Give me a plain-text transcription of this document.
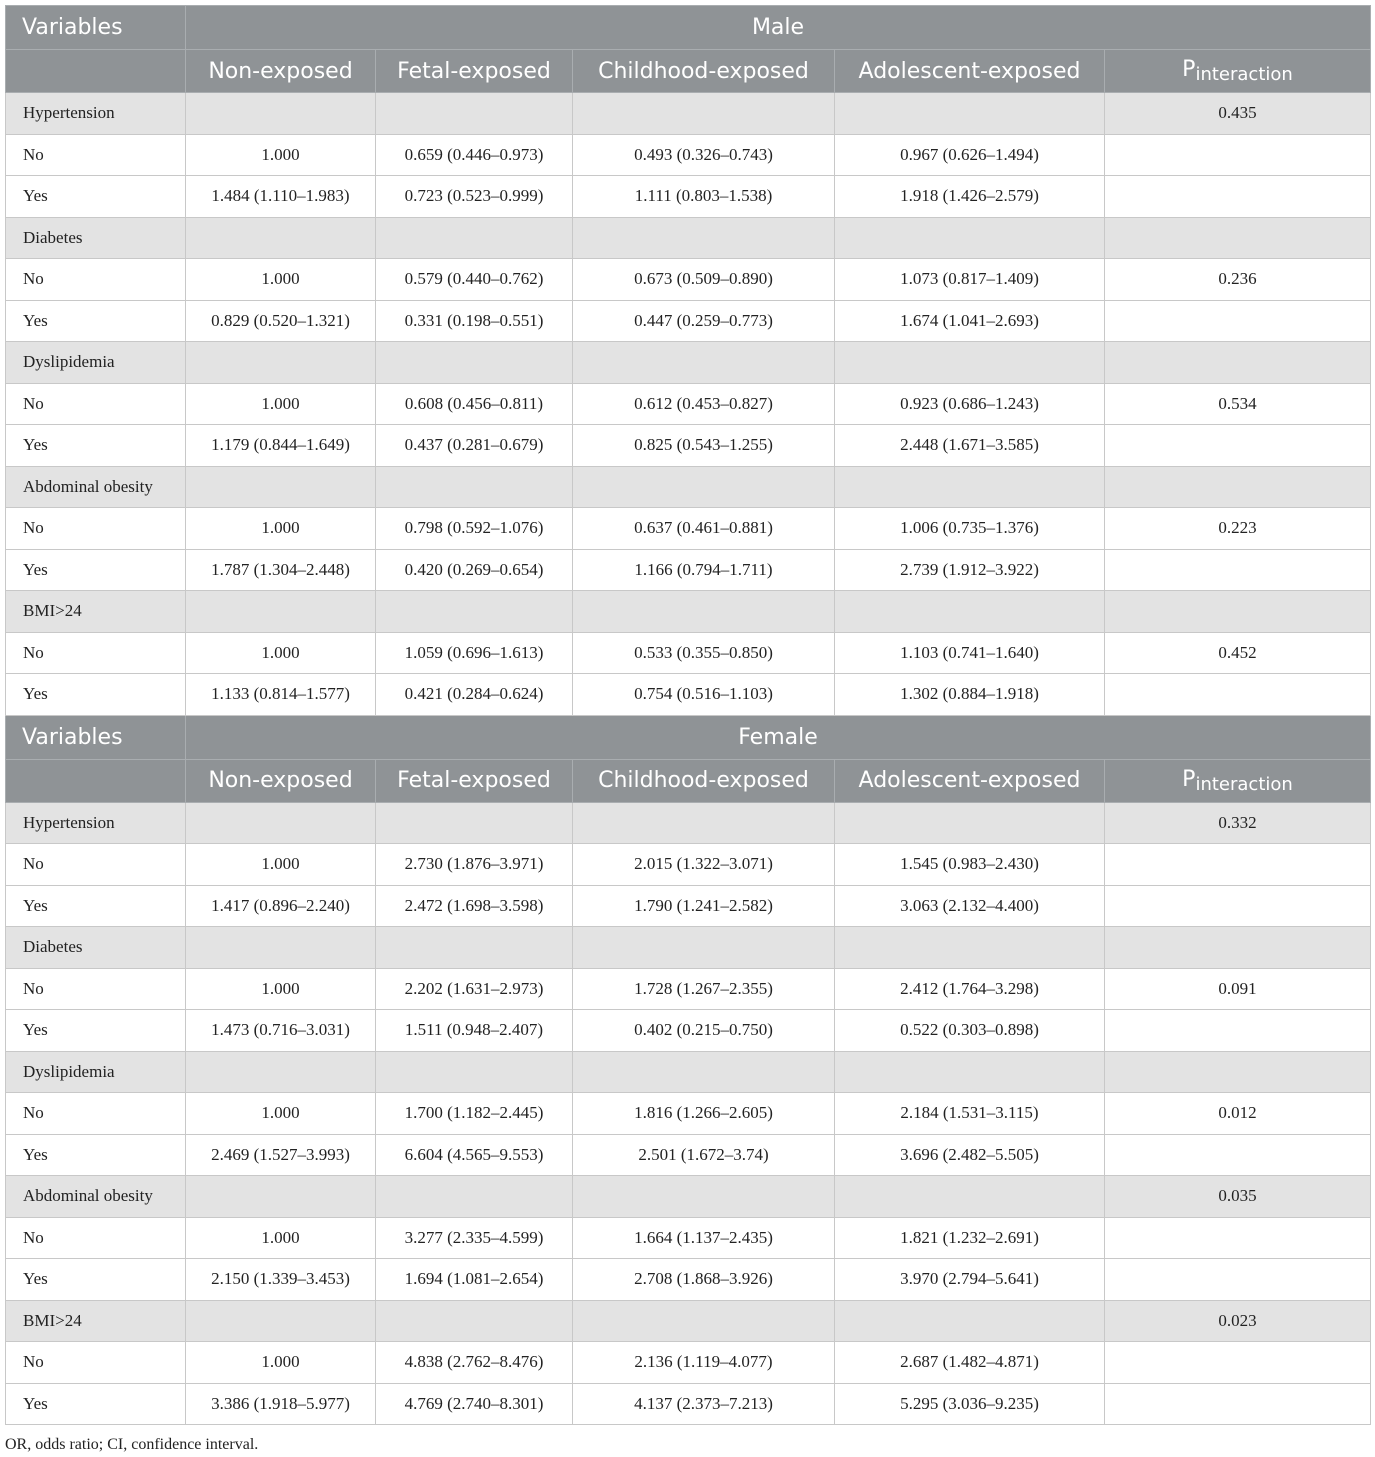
Variables	Male				
	Non-exposed	Fetal-exposed	Childhood-exposed	Adolescent-exposed	$P_{interaction}$
Hypertension					0.435
No	1.000	0.659 (0.446–0.973)	0.493 (0.326–0.743)	0.967 (0.626–1.494)	
Yes	1.484 (1.110–1.983)	0.723 (0.523–0.999)	1.111 (0.803–1.538)	1.918 (1.426–2.579)	
Diabetes					
No	1.000	0.579 (0.440–0.762)	0.673 (0.509–0.890)	1.073 (0.817–1.409)	0.236
Yes	0.829 (0.520–1.321)	0.331 (0.198–0.551)	0.447 (0.259–0.773)	1.674 (1.041–2.693)	
Dyslipidemia					
No	1.000	0.608 (0.456–0.811)	0.612 (0.453–0.827)	0.923 (0.686–1.243)	0.534
Yes	1.179 (0.844–1.649)	0.437 (0.281–0.679)	0.825 (0.543–1.255)	2.448 (1.671–3.585)	
Abdominal obesity					
No	1.000	0.798 (0.592–1.076)	0.637 (0.461–0.881)	1.006 (0.735–1.376)	0.223
Yes	1.787 (1.304–2.448)	0.420 (0.269–0.654)	1.166 (0.794–1.711)	2.739 (1.912–3.922)	
BMI>24					
No	1.000	1.059 (0.696–1.613)	0.533 (0.355–0.850)	1.103 (0.741–1.640)	0.452
Yes	1.133 (0.814–1.577)	0.421 (0.284–0.624)	0.754 (0.516–1.103)	1.302 (0.884–1.918)	
Variables	Female				
	Non-exposed	Fetal-exposed	Childhood-exposed	Adolescent-exposed	$P_{interaction}$
Hypertension					0.332
No	1.000	2.730 (1.876–3.971)	2.015 (1.322–3.071)	1.545 (0.983–2.430)	
Yes	1.417 (0.896–2.240)	2.472 (1.698–3.598)	1.790 (1.241–2.582)	3.063 (2.132–4.400)	
Diabetes					
No	1.000	2.202 (1.631–2.973)	1.728 (1.267–2.355)	2.412 (1.764–3.298)	0.091
Yes	1.473 (0.716–3.031)	1.511 (0.948–2.407)	0.402 (0.215–0.750)	0.522 (0.303–0.898)	
Dyslipidemia					
No	1.000	1.700 (1.182–2.445)	1.816 (1.266–2.605)	2.184 (1.531–3.115)	0.012
Yes	2.469 (1.527–3.993)	6.604 (4.565–9.553)	2.501 (1.672–3.74)	3.696 (2.482–5.505)	
Abdominal obesity					0.035
No	1.000	3.277 (2.335–4.599)	1.664 (1.137–2.435)	1.821 (1.232–2.691)	
Yes	2.150 (1.339–3.453)	1.694 (1.081–2.654)	2.708 (1.868–3.926)	3.970 (2.794–5.641)	
BMI>24					0.023
No	1.000	4.838 (2.762–8.476)	2.136 (1.119–4.077)	2.687 (1.482–4.871)	
Yes	3.386 (1.918–5.977)	4.769 (2.740–8.301)	4.137 (2.373–7.213)	5.295 (3.036–9.235)	
OR, odds ratio; CI, confidence interval.
